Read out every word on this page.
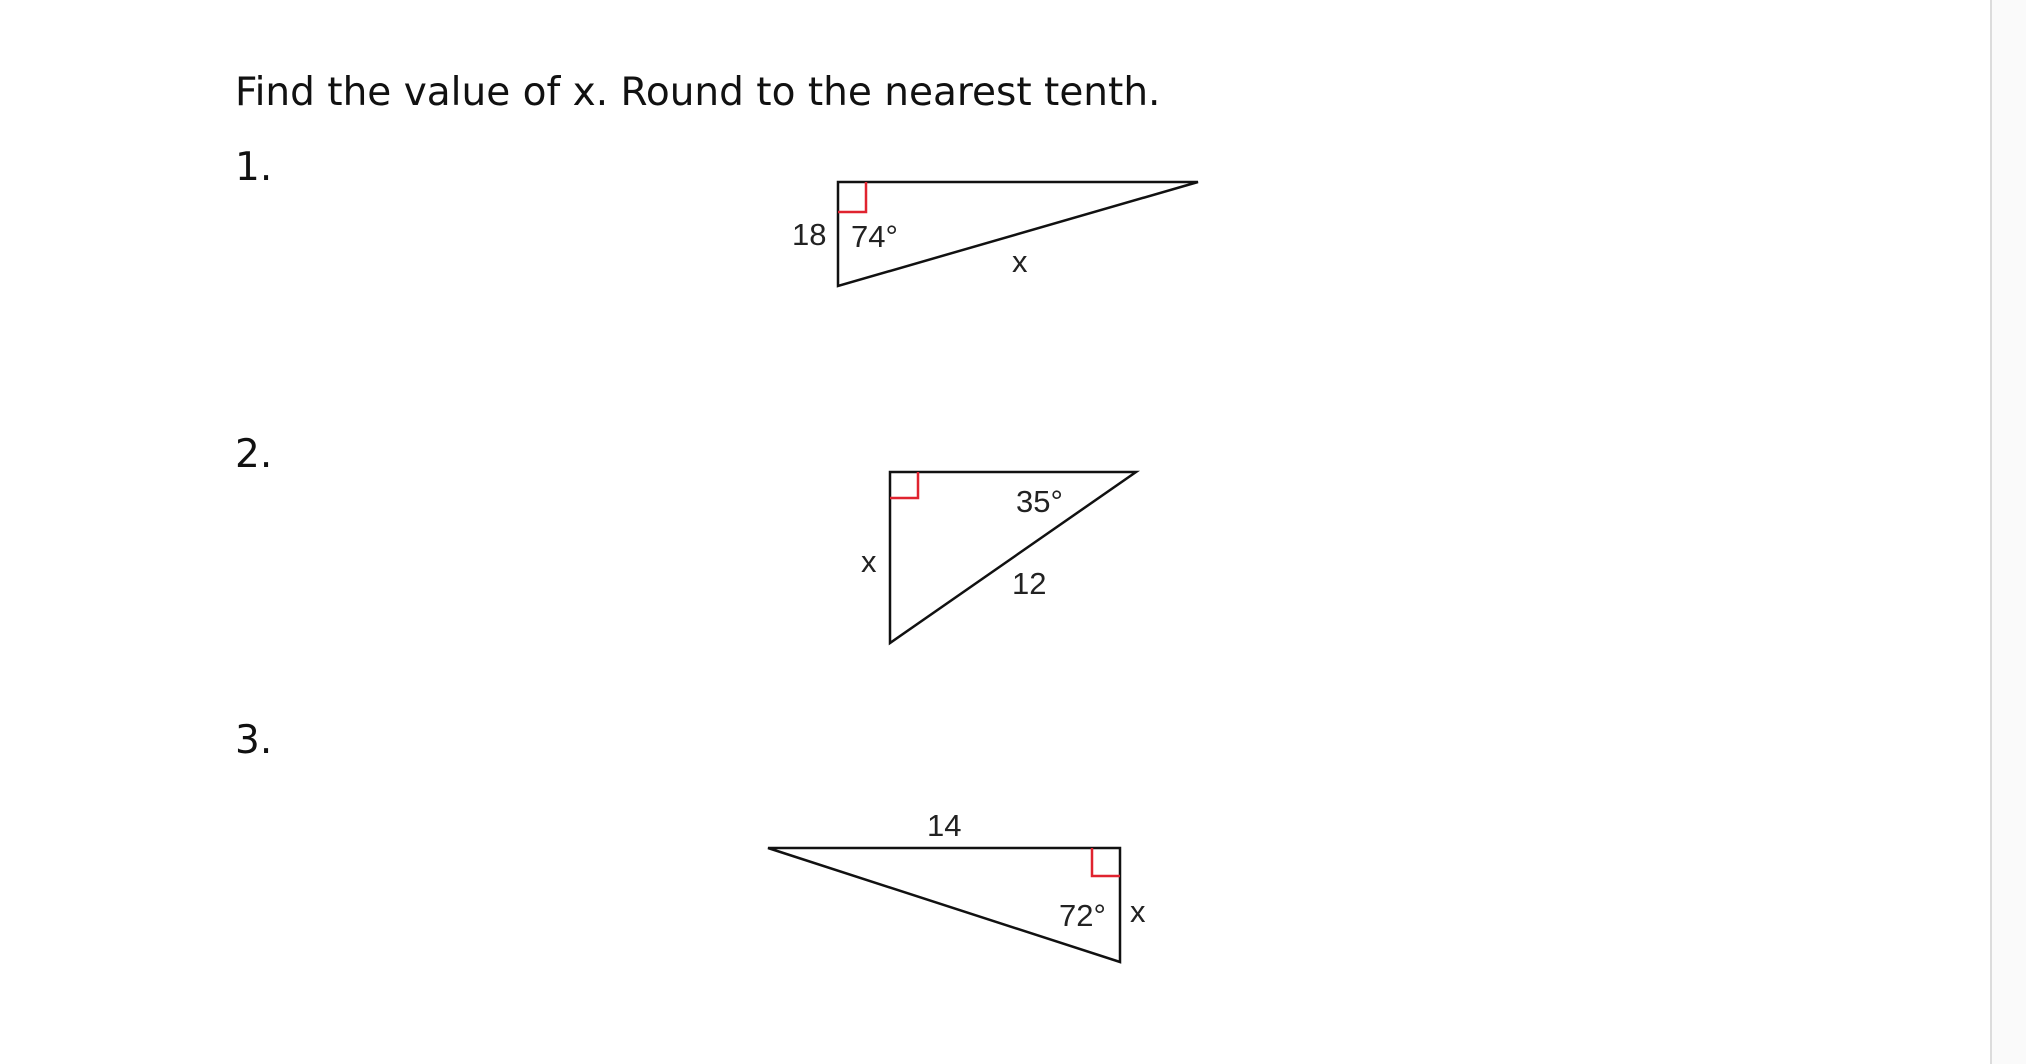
Find the value of x. Round to the nearest tenth.

1.

2.

3.

18 74°
x
35°
x
12
14
72° x
